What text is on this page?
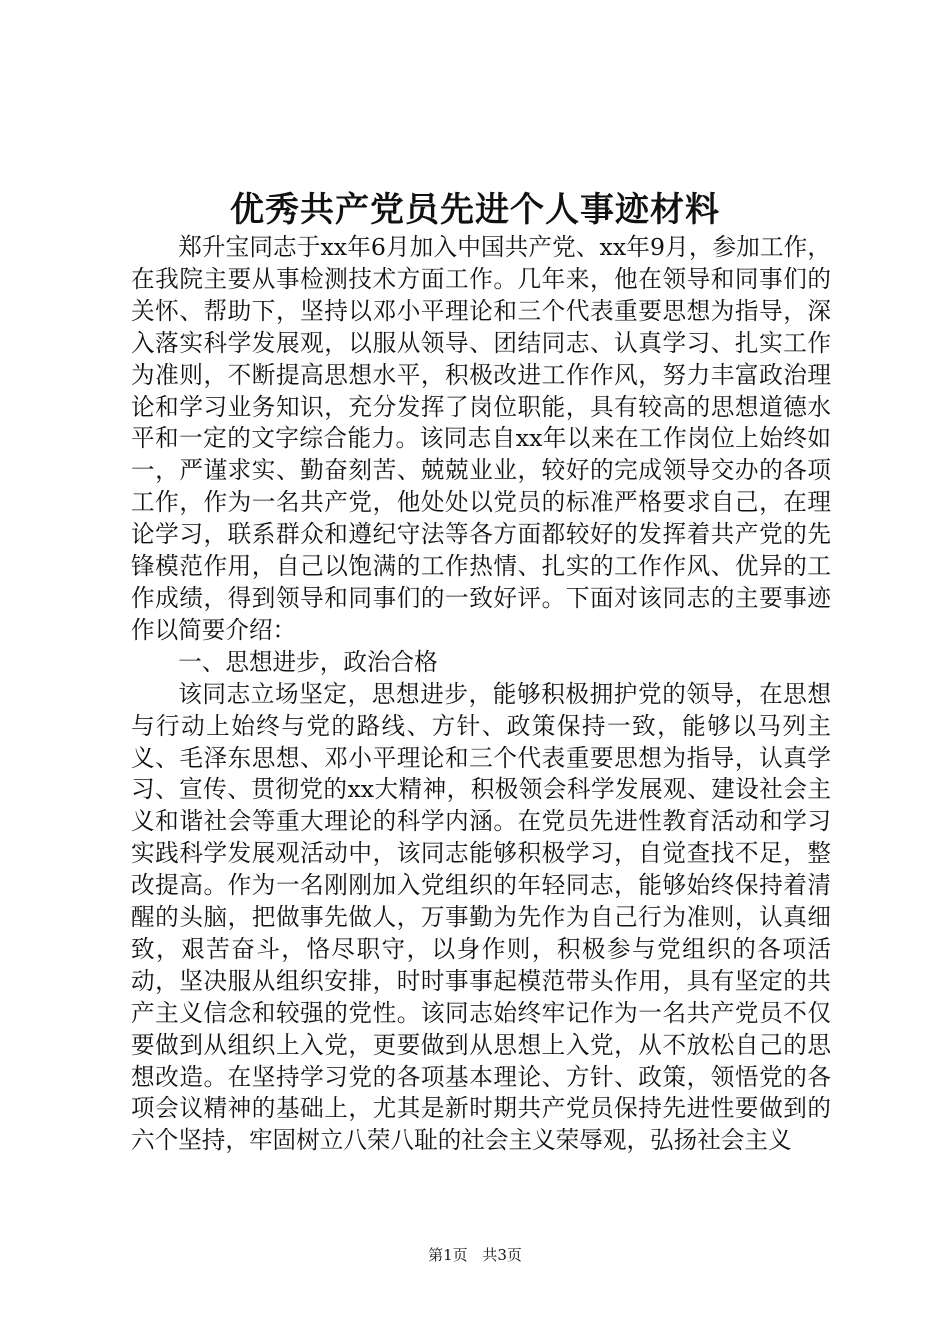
优秀共产党员先进个人事迹材料

郑升宝同志于xx年6月加入中国共产党、xx年9月，参加工作，在我院主要从事检测技术方面工作。几年来，他在领导和同事们的关怀、帮助下，坚持以邓小平理论和三个代表重要思想为指导，深入落实科学发展观，以服从领导、团结同志、认真学习、扎实工作为准则，不断提高思想水平，积极改进工作作风，努力丰富政治理论和学习业务知识，充分发挥了岗位职能，具有较高的思想道德水平和一定的文字综合能力。该同志自xx年以来在工作岗位上始终如一，严谨求实、勤奋刻苦、兢兢业业，较好的完成领导交办的各项工作，作为一名共产党，他处处以党员的标准严格要求自己，在理论学习，联系群众和遵纪守法等各方面都较好的发挥着共产党的先锋模范作用，自己以饱满的工作热情、扎实的工作作风、优异的工作成绩，得到领导和同事们的一致好评。下面对该同志的主要事迹作以简要介绍：

一、思想进步，政治合格

该同志立场坚定，思想进步，能够积极拥护党的领导，在思想与行动上始终与党的路线、方针、政策保持一致，能够以马列主义、毛泽东思想、邓小平理论和三个代表重要思想为指导，认真学习、宣传、贯彻党的xx大精神，积极领会科学发展观、建设社会主义和谐社会等重大理论的科学内涵。在党员先进性教育活动和学习实践科学发展观活动中，该同志能够积极学习，自觉查找不足，整改提高。作为一名刚刚加入党组织的年轻同志，能够始终保持着清醒的头脑，把做事先做人，万事勤为先作为自己行为准则，认真细致，艰苦奋斗，恪尽职守，以身作则，积极参与党组织的各项活动，坚决服从组织安排，时时事事起模范带头作用，具有坚定的共产主义信念和较强的党性。该同志始终牢记作为一名共产党员不仅要做到从组织上入党，更要做到从思想上入党，从不放松自己的思想改造。在坚持学习党的各项基本理论、方针、政策，领悟党的各项会议精神的基础上，尤其是新时期共产党员保持先进性要做到的六个坚持，牢固树立八荣八耻的社会主义荣辱观，弘扬社会主义

第1页 共3页
